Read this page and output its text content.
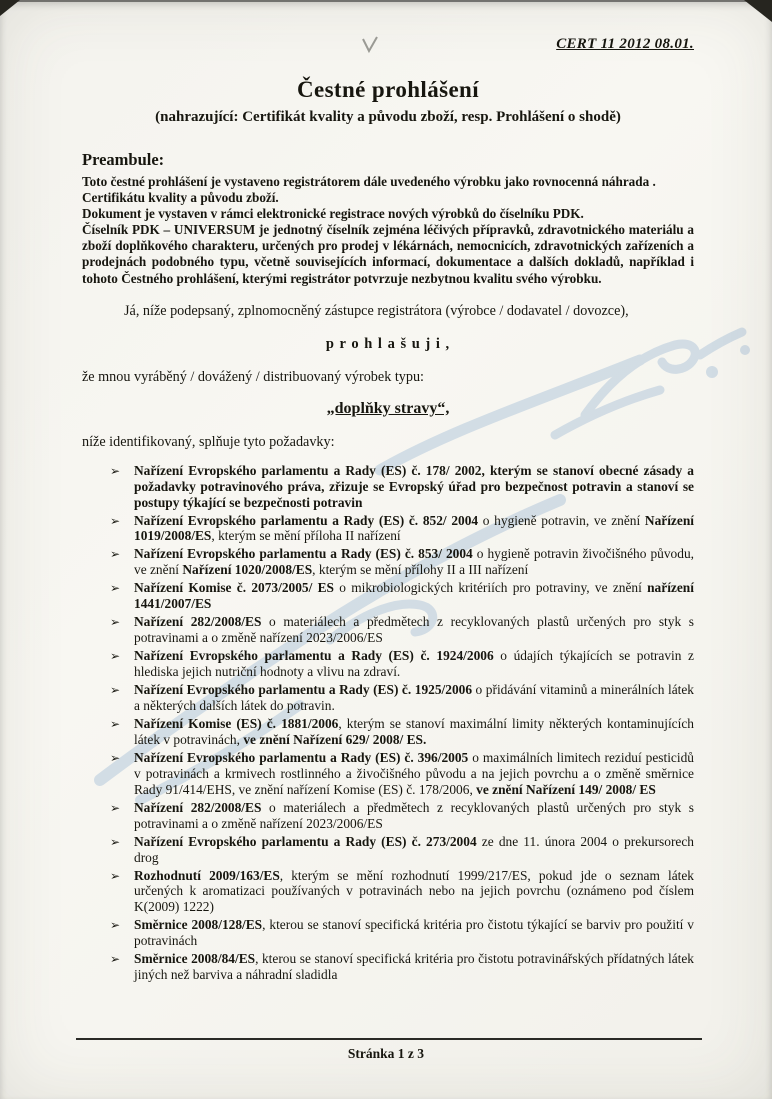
CERT 11 2012 08.01.
Čestné prohlášení
(nahrazující: Certifikát kvality a původu zboží, resp. Prohlášení o shodě)
Preambule:

Toto čestné prohlášení je vystaveno registrátorem dále uvedeného výrobku jako rovnocenná náhrada .

Certifikátu kvality a původu zboží.

Dokument je vystaven v rámci elektronické registrace nových výrobků do číselníku PDK.

Číselník PDK – UNIVERSUM je jednotný číselník zejména léčivých přípravků, zdravotnického materiálu a zboží doplňkového charakteru, určených pro prodej v lékárnách, nemocnicích, zdravotnických zařízeních a prodejnách podobného typu, včetně souvisejících informací, dokumentace a dalších dokladů, například i tohoto Čestného prohlášení, kterými registrátor potvrzuje nezbytnou kvalitu svého výrobku.

Já, níže podepsaný, zplnomocněný zástupce registrátora (výrobce / dodavatel / dovozce),

p r o h l a š u j i ,

že mnou vyráběný / dovážený / distribuovaný výrobek typu:

„doplňky stravy“,

níže identifikovaný, splňuje tyto požadavky:

➢	Nařízení Evropského parlamentu a Rady (ES) č. 178/ 2002, kterým se stanoví obecné zásady a požadavky potravinového práva, zřizuje se Evropský úřad pro bezpečnost potravin a stanoví se postupy týkající se bezpečnosti potravin
➢	Nařízení Evropského parlamentu a Rady (ES) č. 852/ 2004 o hygieně potravin, ve znění Nařízení 1019/2008/ES, kterým se mění příloha II nařízení
➢	Nařízení Evropského parlamentu a Rady (ES) č. 853/ 2004 o hygieně potravin živočišného původu, ve znění Nařízení 1020/2008/ES, kterým se mění přílohy II a III nařízení
➢	Nařízení Komise č. 2073/2005/ ES o mikrobiologických kritériích pro potraviny, ve znění nařízení 1441/2007/ES
➢	Nařízení 282/2008/ES o materiálech a předmětech z recyklovaných plastů určených pro styk s potravinami a o změně nařízení 2023/2006/ES
➢	Nařízení Evropského parlamentu a Rady (ES) č. 1924/2006 o údajích týkajících se potravin z hlediska jejich nutriční hodnoty a vlivu na zdraví.
➢	Nařízení Evropského parlamentu a Rady (ES) č. 1925/2006 o přidávání vitaminů a minerálních látek a některých dalších látek do potravin.
➢	Nařízení Komise (ES) č. 1881/2006, kterým se stanoví maximální limity některých kontaminujících látek v potravinách, ve znění Nařízení 629/ 2008/ ES.
➢	Nařízení Evropského parlamentu a Rady (ES) č. 396/2005 o maximálních limitech reziduí pesticidů v potravinách a krmivech rostlinného a živočišného původu a na jejich povrchu a o změně směrnice Rady 91/414/EHS, ve znění nařízení Komise (ES) č. 178/2006, ve znění Nařízení 149/ 2008/ ES
➢	Nařízení 282/2008/ES o materiálech a předmětech z recyklovaných plastů určených pro styk s potravinami a o změně nařízení 2023/2006/ES
➢	Nařízení Evropského parlamentu a Rady (ES) č. 273/2004 ze dne 11. února 2004 o prekursorech drog
➢	Rozhodnutí 2009/163/ES, kterým se mění rozhodnutí 1999/217/ES, pokud jde o seznam látek určených k aromatizaci používaných v potravinách nebo na jejich povrchu (oznámeno pod číslem K(2009) 1222)
➢	Směrnice 2008/128/ES, kterou se stanoví specifická kritéria pro čistotu týkající se barviv pro použití v potravinách
➢	Směrnice 2008/84/ES, kterou se stanoví specifická kritéria pro čistotu potravinářských přídatných látek jiných než barviva a náhradní sladidla
Stránka 1 z 3
